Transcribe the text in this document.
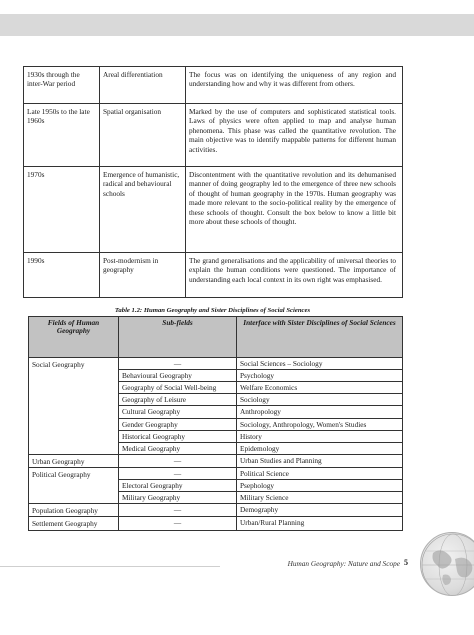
1930s through the inter-War period	Areal differentiation	The focus was on identifying the uniqueness of any region and understanding how and why it was different from others.
Late 1950s to the late 1960s	Spatial organisation	Marked by the use of computers and sophisticated statistical tools. Laws of physics were often applied to map and analyse human phenomena. This phase was called the quantitative revolution. The main objective was to identify mappable patterns for different human activities.
1970s	Emergence of humanistic, radical and behavioural schools	Discontentment with the quantitative revolution and its dehumanised manner of doing geography led to the emergence of three new schools of thought of human geography in the 1970s. Human geography was made more relevant to the socio-political reality by the emergence of these schools of thought. Consult the box below to know a little bit more about these schools of thought.
1990s	Post-modernism in geography	The grand generalisations and the applicability of universal theories to explain the human conditions were questioned. The importance of understanding each local context in its own right was emphasised.
Table 1.2: Human Geography and Sister Disciplines of Social Sciences
Fields of Human Geography	Sub-fields	Interface with Sister Disciplines of Social Sciences
Social Geography	—	Social Sciences – Sociology
	Behavioural Geography	Psychology
	Geography of Social Well-being	Welfare Economics
	Geography of Leisure	Sociology
	Cultural Geography	Anthropology
	Gender Geography	Sociology, Anthropology, Women's Studies
	Historical Geography	History
	Medical Geography	Epidemology
Urban Geography	—	Urban Studies and Planning
Political Geography	—	Political Science
	Electoral Geography	Psephology
	Military Geography	Military Science
Population Geography	—	Demography
Settlement Geography	—	Urban/Rural Planning
Human Geography: Nature and Scope 5
